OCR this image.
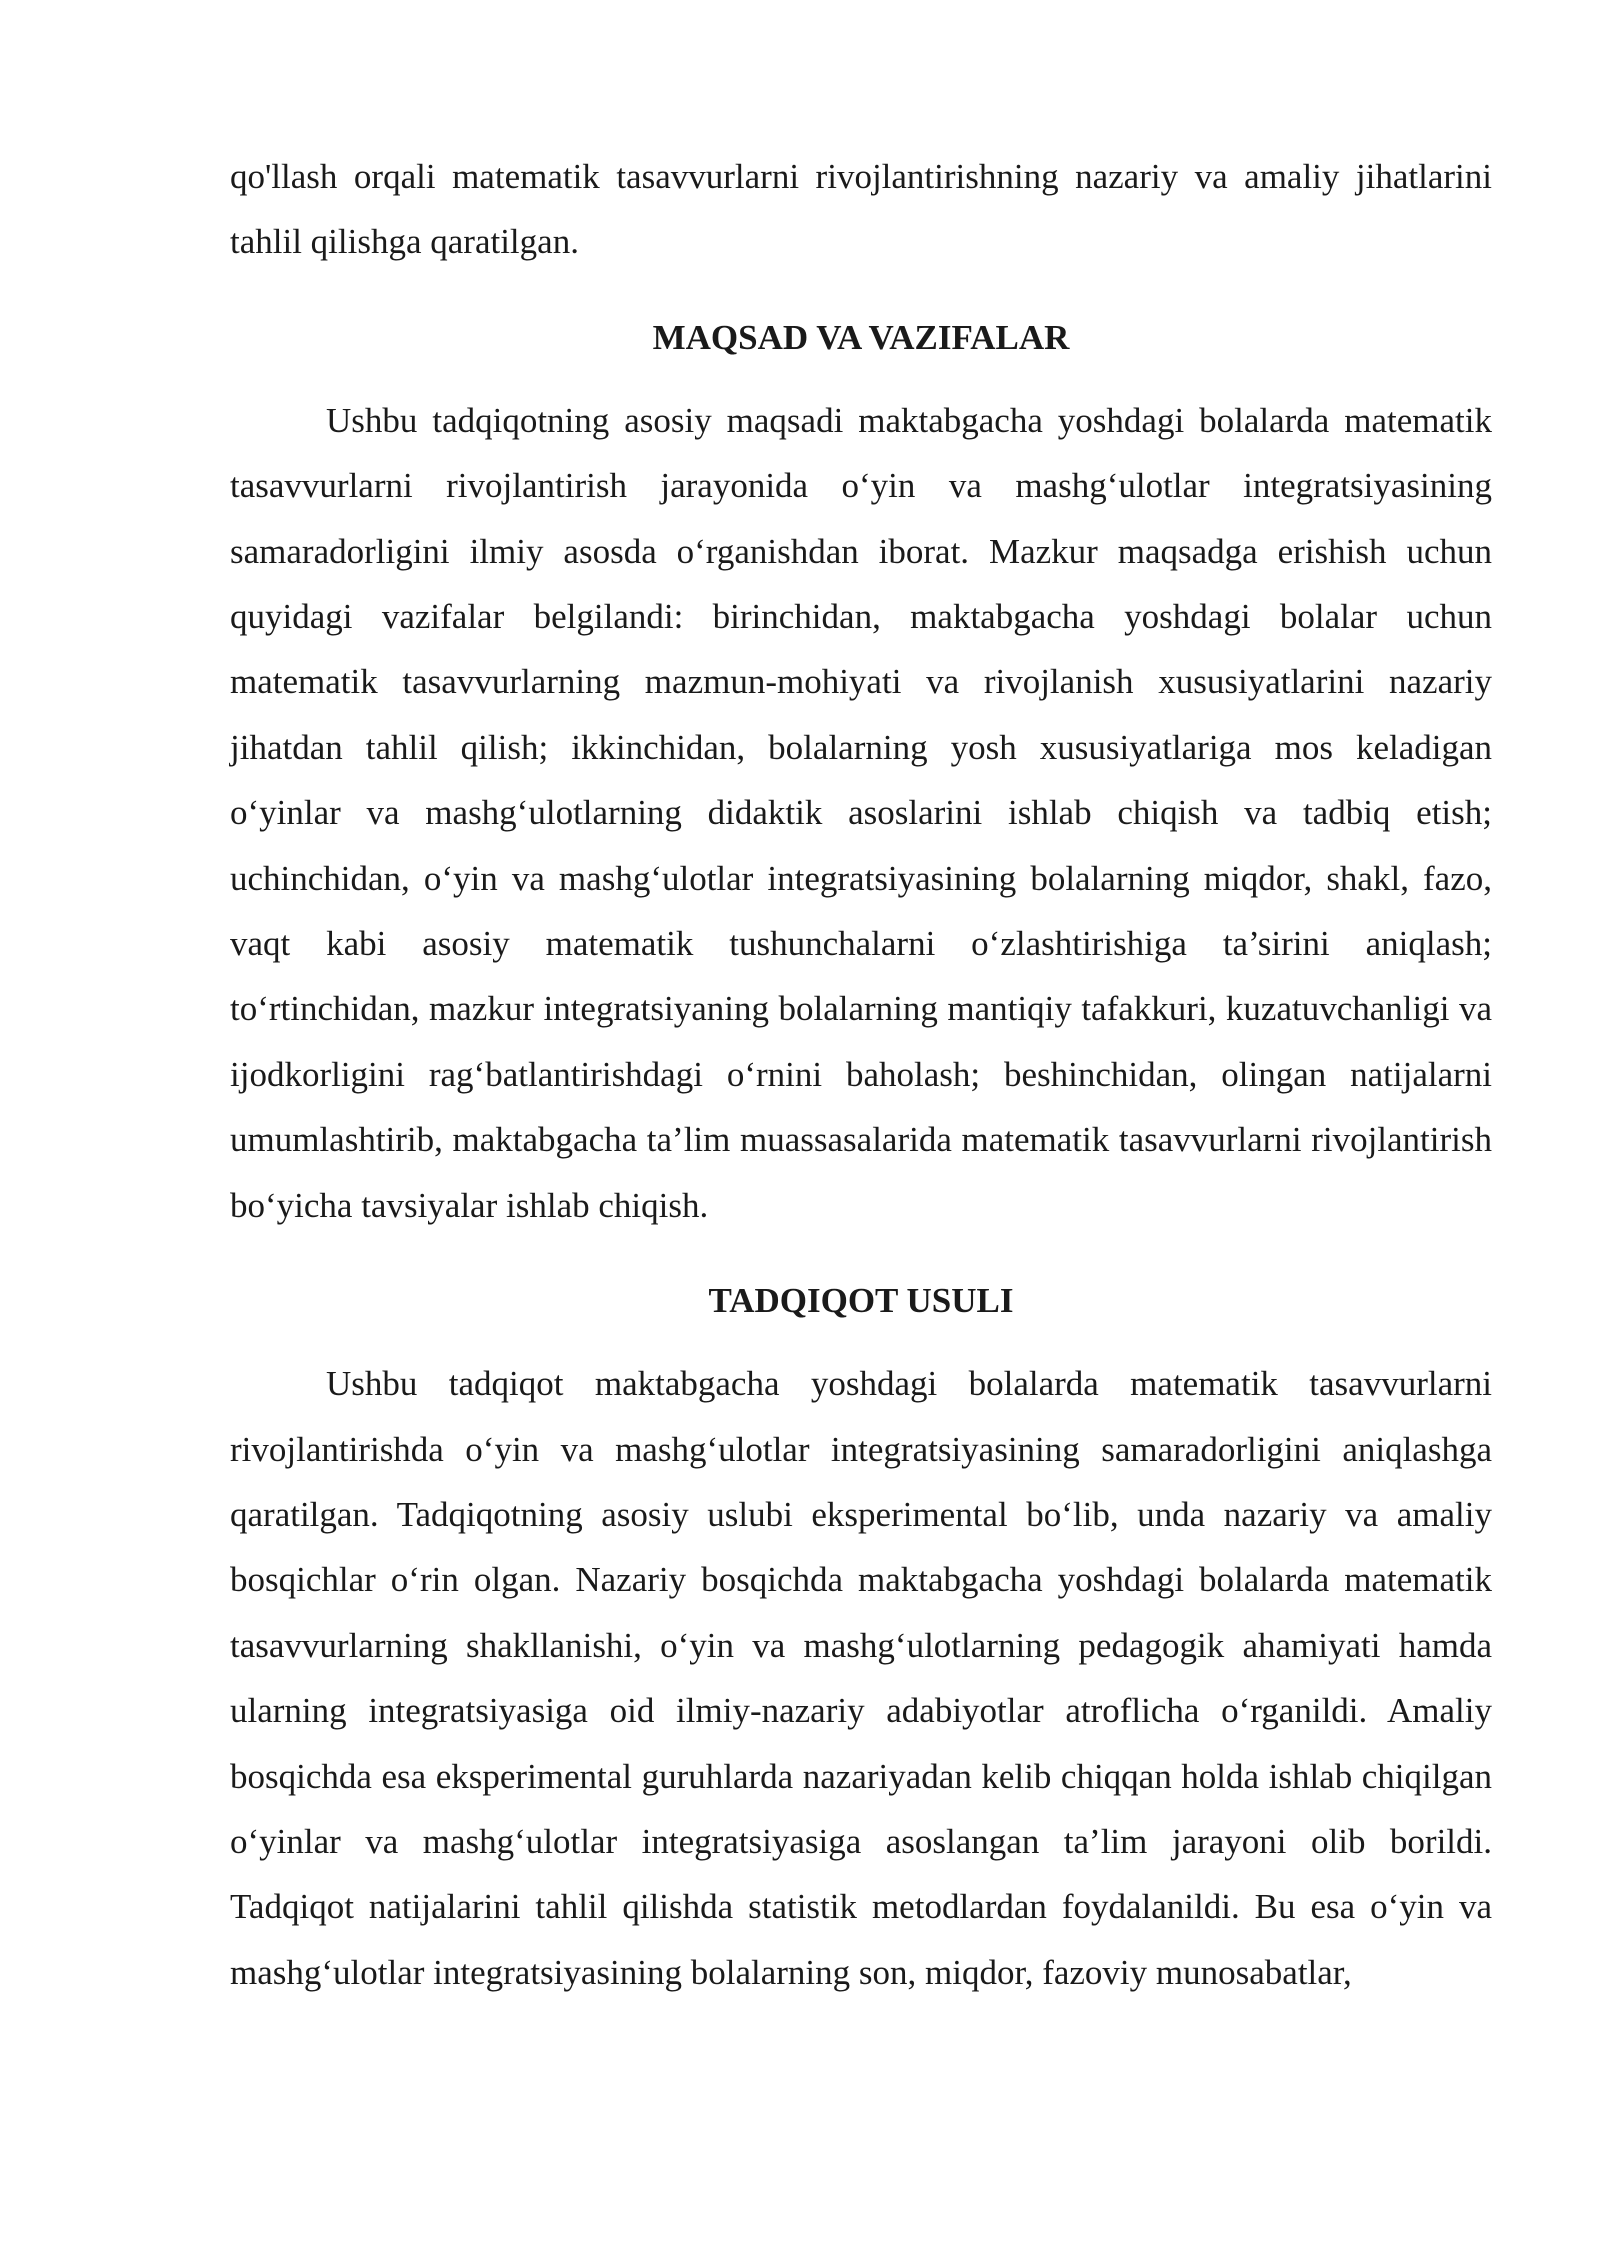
qo'llash orqali matematik tasavvurlarni rivojlantirishning nazariy va amaliy jihatlarini tahlil qilishga qaratilgan.

MAQSAD VA VAZIFALAR

Ushbu tadqiqotning asosiy maqsadi maktabgacha yoshdagi bolalarda matematik tasavvurlarni rivojlantirish jarayonida o‘yin va mashg‘ulotlar integratsiyasining samaradorligini ilmiy asosda o‘rganishdan iborat. Mazkur maqsadga erishish uchun quyidagi vazifalar belgilandi: birinchidan, maktabgacha yoshdagi bolalar uchun matematik tasavvurlarning mazmun-mohiyati va rivojlanish xususiyatlarini nazariy jihatdan tahlil qilish; ikkinchidan, bolalarning yosh xususiyatlariga mos keladigan o‘yinlar va mashg‘ulotlarning didaktik asoslarini ishlab chiqish va tadbiq etish; uchinchidan, o‘yin va mashg‘ulotlar integratsiyasining bolalarning miqdor, shakl, fazo, vaqt kabi asosiy matematik tushunchalarni o‘zlashtirishiga ta’sirini aniqlash; to‘rtinchidan, mazkur integratsiyaning bolalarning mantiqiy tafakkuri, kuzatuvchanligi va ijodkorligini rag‘batlantirishdagi o‘rnini baholash; beshinchidan, olingan natijalarni umumlashtirib, maktabgacha ta’lim muassasalarida matematik tasavvurlarni rivojlantirish bo‘yicha tavsiyalar ishlab chiqish.

TADQIQOT USULI

Ushbu tadqiqot maktabgacha yoshdagi bolalarda matematik tasavvurlarni rivojlantirishda o‘yin va mashg‘ulotlar integratsiyasining samaradorligini aniqlashga qaratilgan. Tadqiqotning asosiy uslubi eksperimental bo‘lib, unda nazariy va amaliy bosqichlar o‘rin olgan. Nazariy bosqichda maktabgacha yoshdagi bolalarda matematik tasavvurlarning shakllanishi, o‘yin va mashg‘ulotlarning pedagogik ahamiyati hamda ularning integratsiyasiga oid ilmiy-nazariy adabiyotlar atroflicha o‘rganildi. Amaliy bosqichda esa eksperimental guruhlarda nazariyadan kelib chiqqan holda ishlab chiqilgan o‘yinlar va mashg‘ulotlar integratsiyasiga asoslangan ta’lim jarayoni olib borildi. Tadqiqot natijalarini tahlil qilishda statistik metodlardan foydalanildi. Bu esa o‘yin va mashg‘ulotlar integratsiyasining bolalarning son, miqdor, fazoviy munosabatlar,
